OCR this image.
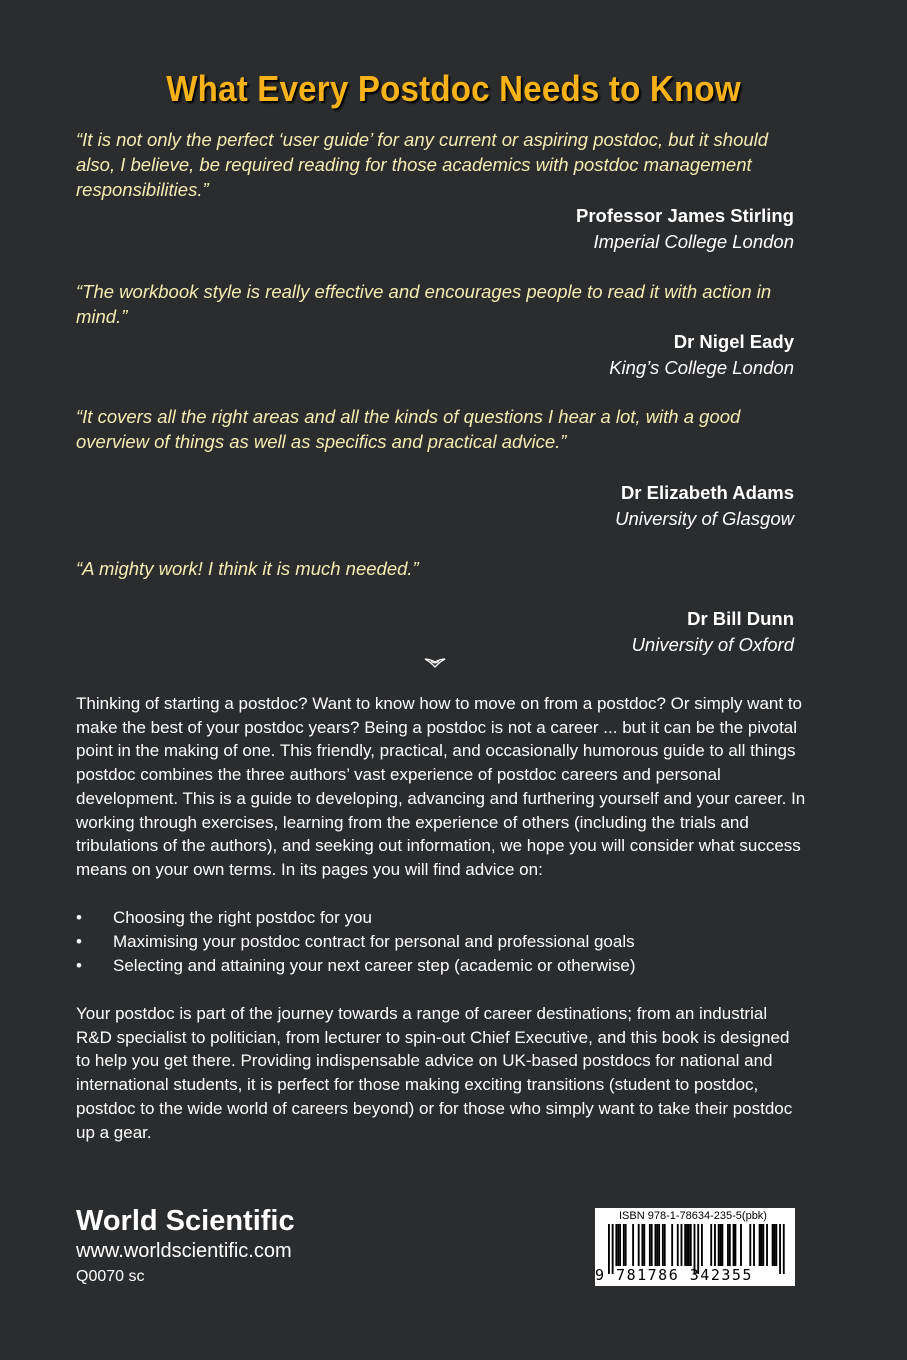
What Every Postdoc Needs to Know
“It is not only the perfect ‘user guide’ for any current or aspiring postdoc, but it should also, I believe, be required reading for those academics with postdoc management responsibilities.”
Professor James Stirling
Imperial College London
“The workbook style is really effective and encourages people to read it with action in mind.”
Dr Nigel Eady
King’s College London
“It covers all the right areas and all the kinds of questions I hear a lot, with a good overview of things as well as specifics and practical advice.”
Dr Elizabeth Adams
University of Glasgow
“A mighty work! I think it is much needed.”
Dr Bill Dunn
University of Oxford
Thinking of starting a postdoc? Want to know how to move on from a postdoc? Or simply want to make the best of your postdoc years? Being a postdoc is not a career ... but it can be the pivotal point in the making of one. This friendly, practical, and occasionally humorous guide to all things postdoc combines the three authors’ vast experience of postdoc careers and personal development. This is a guide to developing, advancing and furthering yourself and your career. In working through exercises, learning from the experience of others (including the trials and tribulations of the authors), and seeking out information, we hope you will consider what success means on your own terms. In its pages you will find advice on:
• Choosing the right postdoc for you
• Maximising your postdoc contract for personal and professional goals
• Selecting and attaining your next career step (academic or otherwise)
Your postdoc is part of the journey towards a range of career destinations; from an industrial R&D specialist to politician, from lecturer to spin-out Chief Executive, and this book is designed to help you get there. Providing indispensable advice on UK-based postdocs for national and international students, it is perfect for those making exciting transitions (student to postdoc, postdoc to the wide world of careers beyond) or for those who simply want to take their postdoc up a gear.
World Scientific
www.worldscientific.com
Q0070 sc
ISBN 978-1-78634-235-5(pbk)
9 781786 342355
